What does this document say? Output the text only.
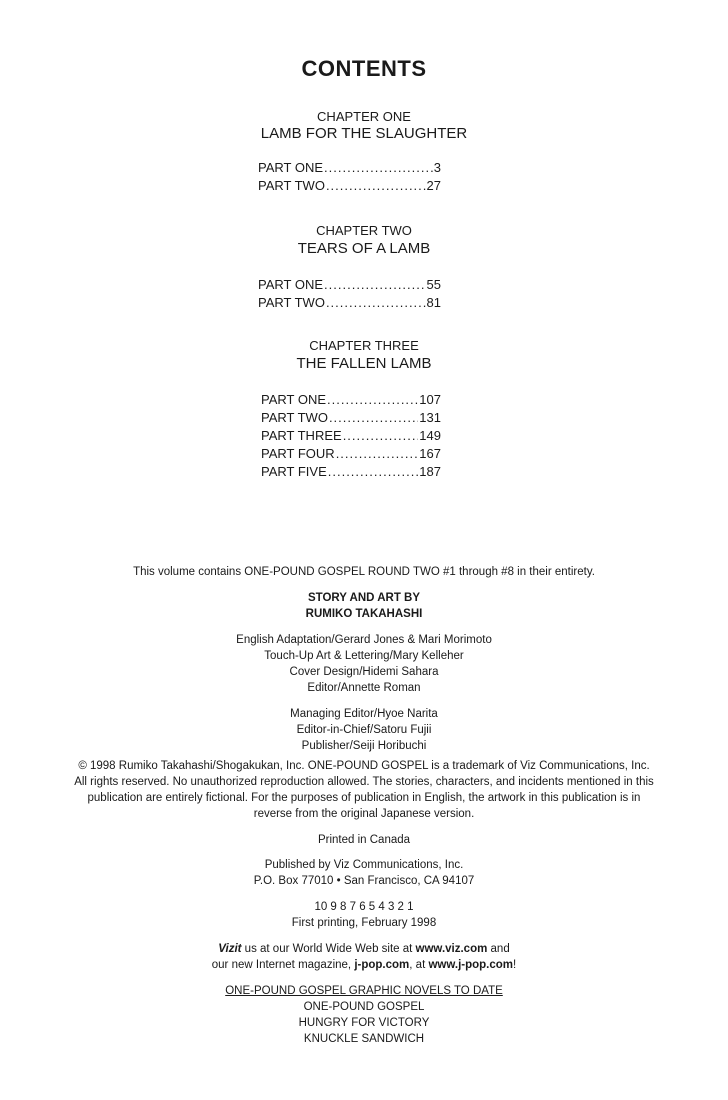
CONTENTS
CHAPTER ONE
LAMB FOR THE SLAUGHTER
PART ONE .....	3
PART TWO .....	27
CHAPTER TWO
TEARS OF A LAMB
PART ONE .....	55
PART TWO .....	81
CHAPTER THREE
THE FALLEN LAMB
PART ONE .....	107
PART TWO .....	131
PART THREE .....	149
PART FOUR .....	167
PART FIVE .....	187
This volume contains ONE-POUND GOSPEL ROUND TWO #1 through #8 in their entirety.
STORY AND ART BY
RUMIKO TAKAHASHI
English Adaptation/Gerard Jones & Mari Morimoto
Touch-Up Art & Lettering/Mary Kelleher
Cover Design/Hidemi Sahara
Editor/Annette Roman
Managing Editor/Hyoe Narita
Editor-in-Chief/Satoru Fujii
Publisher/Seiji Horibuchi
© 1998 Rumiko Takahashi/Shogakukan, Inc. ONE-POUND GOSPEL is a trademark of Viz Communications, Inc.
All rights reserved. No unauthorized reproduction allowed. The stories, characters, and incidents mentioned in this
publication are entirely fictional. For the purposes of publication in English, the artwork in this publication is in
reverse from the original Japanese version.
Printed in Canada
Published by Viz Communications, Inc.
P.O. Box 77010 • San Francisco, CA 94107
10 9 8 7 6 5 4 3 2 1
First printing, February 1998
Vizit us at our World Wide Web site at www.viz.com and
our new Internet magazine, j-pop.com, at www.j-pop.com!
ONE-POUND GOSPEL GRAPHIC NOVELS TO DATE
ONE-POUND GOSPEL
HUNGRY FOR VICTORY
KNUCKLE SANDWICH
